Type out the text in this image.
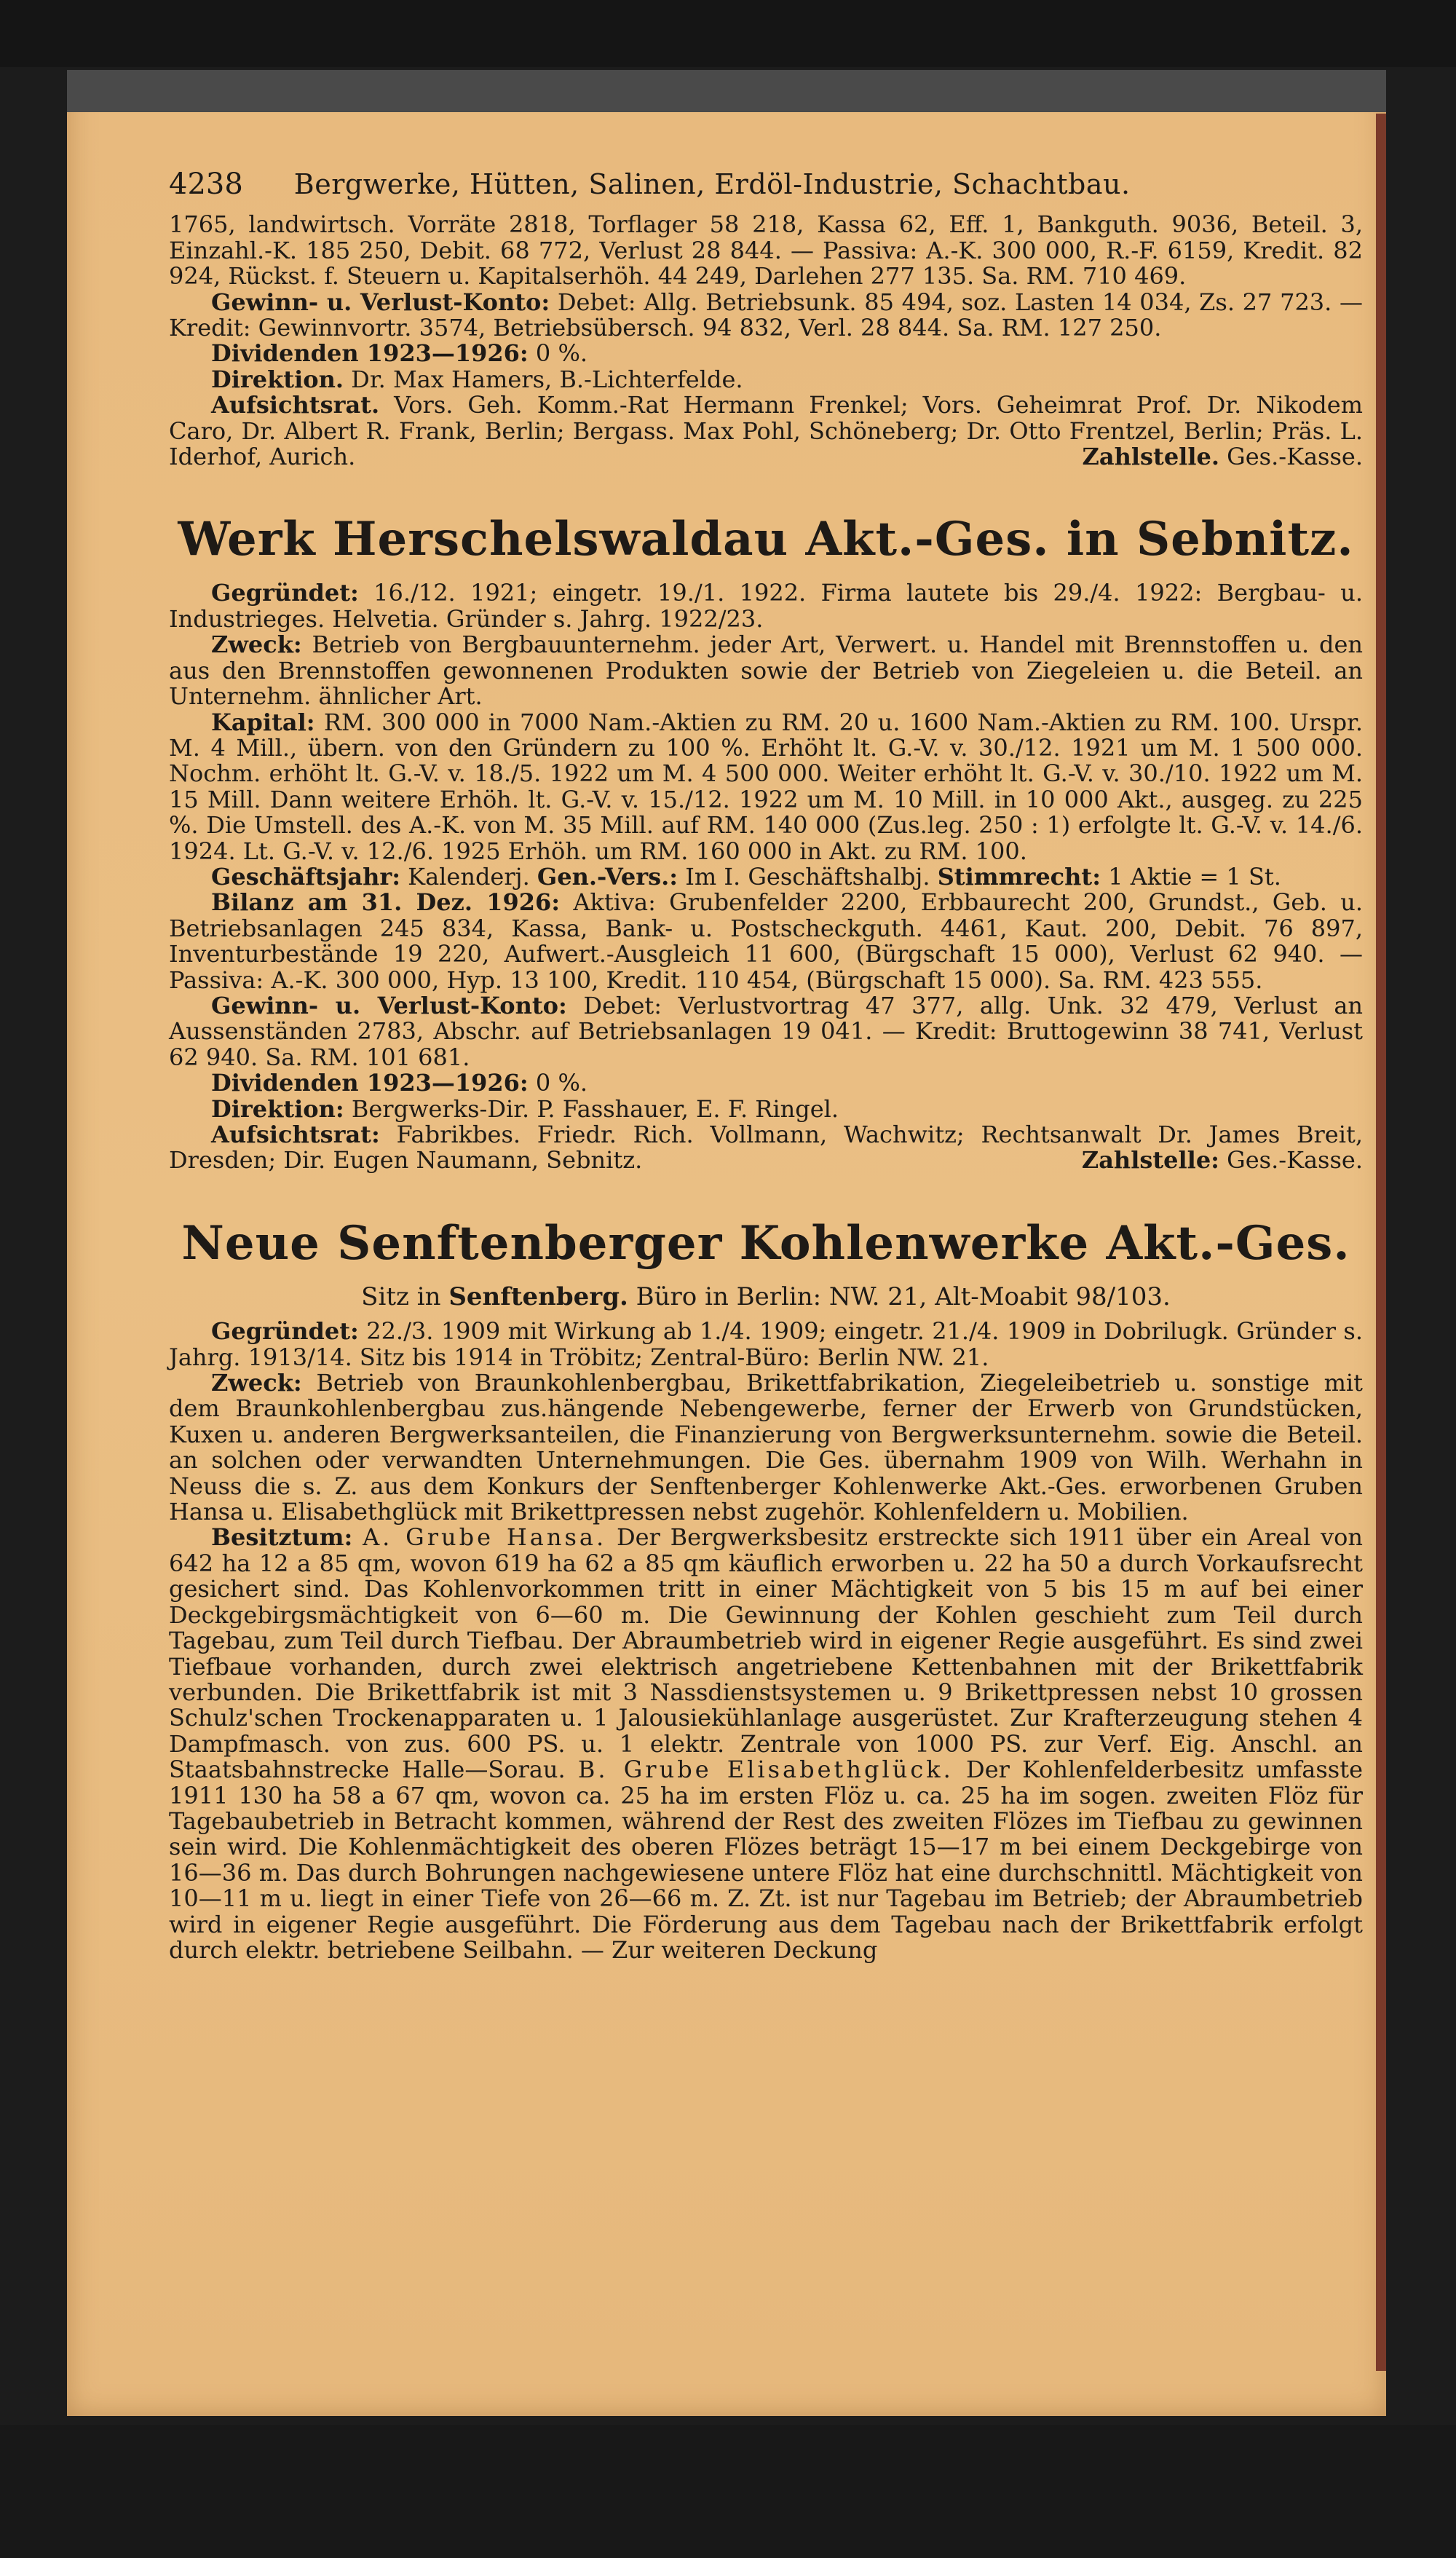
4238 Bergwerke, Hütten, Salinen, Erdöl-Industrie, Schachtbau.

1765, landwirtsch. Vorräte 2818, Torflager 58 218, Kassa 62, Eff. 1, Bankguth. 9036, Beteil. 3, Einzahl.-K. 185 250, Debit. 68 772, Verlust 28 844. — Passiva: A.-K. 300 000, R.-F. 6159, Kredit. 82 924, Rückst. f. Steuern u. Kapitalserhöh. 44 249, Darlehen 277 135. Sa. RM. 710 469.

Gewinn- u. Verlust-Konto: Debet: Allg. Betriebsunk. 85 494, soz. Lasten 14 034, Zs. 27 723. — Kredit: Gewinnvortr. 3574, Betriebsübersch. 94 832, Verl. 28 844. Sa. RM. 127 250.

Dividenden 1923—1926: 0 %.

Direktion. Dr. Max Hamers, B.-Lichterfelde.

Aufsichtsrat. Vors. Geh. Komm.-Rat Hermann Frenkel; Vors. Geheimrat Prof. Dr. Nikodem Caro, Dr. Albert R. Frank, Berlin; Bergass. Max Pohl, Schöneberg; Dr. Otto Frentzel, Berlin; Präs. L. Iderhof, Aurich.	Zahlstelle. Ges.-Kasse.

Werk Herschelswaldau Akt.-Ges. in Sebnitz.

Gegründet: 16./12. 1921; eingetr. 19./1. 1922. Firma lautete bis 29./4. 1922: Bergbau- u. Industrieges. Helvetia. Gründer s. Jahrg. 1922/23.

Zweck: Betrieb von Bergbauunternehm. jeder Art, Verwert. u. Handel mit Brennstoffen u. den aus den Brennstoffen gewonnenen Produkten sowie der Betrieb von Ziegeleien u. die Beteil. an Unternehm. ähnlicher Art.

Kapital: RM. 300 000 in 7000 Nam.-Aktien zu RM. 20 u. 1600 Nam.-Aktien zu RM. 100. Urspr. M. 4 Mill., übern. von den Gründern zu 100 %. Erhöht lt. G.-V. v. 30./12. 1921 um M. 1 500 000. Nochm. erhöht lt. G.-V. v. 18./5. 1922 um M. 4 500 000. Weiter erhöht lt. G.-V. v. 30./10. 1922 um M. 15 Mill. Dann weitere Erhöh. lt. G.-V. v. 15./12. 1922 um M. 10 Mill. in 10 000 Akt., ausgeg. zu 225 %. Die Umstell. des A.-K. von M. 35 Mill. auf RM. 140 000 (Zus.leg. 250 : 1) erfolgte lt. G.-V. v. 14./6. 1924. Lt. G.-V. v. 12./6. 1925 Erhöh. um RM. 160 000 in Akt. zu RM. 100.

Geschäftsjahr: Kalenderj. Gen.-Vers.: Im I. Geschäftshalbj. Stimmrecht: 1 Aktie = 1 St.

Bilanz am 31. Dez. 1926: Aktiva: Grubenfelder 2200, Erbbaurecht 200, Grundst., Geb. u. Betriebsanlagen 245 834, Kassa, Bank- u. Postscheckguth. 4461, Kaut. 200, Debit. 76 897, Inventurbestände 19 220, Aufwert.-Ausgleich 11 600, (Bürgschaft 15 000), Verlust 62 940. — Passiva: A.-K. 300 000, Hyp. 13 100, Kredit. 110 454, (Bürgschaft 15 000). Sa. RM. 423 555.

Gewinn- u. Verlust-Konto: Debet: Verlustvortrag 47 377, allg. Unk. 32 479, Verlust an Aussenständen 2783, Abschr. auf Betriebsanlagen 19 041. — Kredit: Bruttogewinn 38 741, Verlust 62 940. Sa. RM. 101 681.

Dividenden 1923—1926: 0 %.

Direktion: Bergwerks-Dir. P. Fasshauer, E. F. Ringel.

Aufsichtsrat: Fabrikbes. Friedr. Rich. Vollmann, Wachwitz; Rechtsanwalt Dr. James Breit, Dresden; Dir. Eugen Naumann, Sebnitz.	Zahlstelle: Ges.-Kasse.

Neue Senftenberger Kohlenwerke Akt.-Ges.
Sitz in Senftenberg. Büro in Berlin: NW. 21, Alt-Moabit 98/103.

Gegründet: 22./3. 1909 mit Wirkung ab 1./4. 1909; eingetr. 21./4. 1909 in Dobrilugk. Gründer s. Jahrg. 1913/14. Sitz bis 1914 in Tröbitz; Zentral-Büro: Berlin NW. 21.

Zweck: Betrieb von Braunkohlenbergbau, Brikettfabrikation, Ziegeleibetrieb u. sonstige mit dem Braunkohlenbergbau zus.hängende Nebengewerbe, ferner der Erwerb von Grundstücken, Kuxen u. anderen Bergwerksanteilen, die Finanzierung von Bergwerksunternehm. sowie die Beteil. an solchen oder verwandten Unternehmungen. Die Ges. übernahm 1909 von Wilh. Werhahn in Neuss die s. Z. aus dem Konkurs der Senftenberger Kohlenwerke Akt.-Ges. erworbenen Gruben Hansa u. Elisabethglück mit Brikettpressen nebst zugehör. Kohlenfeldern u. Mobilien.

Besitztum: A. Grube Hansa. Der Bergwerksbesitz erstreckte sich 1911 über ein Areal von 642 ha 12 a 85 qm, wovon 619 ha 62 a 85 qm käuflich erworben u. 22 ha 50 a durch Vorkaufsrecht gesichert sind. Das Kohlenvorkommen tritt in einer Mächtigkeit von 5 bis 15 m auf bei einer Deckgebirgsmächtigkeit von 6—60 m. Die Gewinnung der Kohlen geschieht zum Teil durch Tagebau, zum Teil durch Tiefbau. Der Abraumbetrieb wird in eigener Regie ausgeführt. Es sind zwei Tiefbaue vorhanden, durch zwei elektrisch angetriebene Kettenbahnen mit der Brikettfabrik verbunden. Die Brikettfabrik ist mit 3 Nassdienstsystemen u. 9 Brikettpressen nebst 10 grossen Schulz'schen Trockenapparaten u. 1 Jalousiekühlanlage ausgerüstet. Zur Krafterzeugung stehen 4 Dampfmasch. von zus. 600 PS. u. 1 elektr. Zentrale von 1000 PS. zur Verf. Eig. Anschl. an Staatsbahnstrecke Halle—Sorau. B. Grube Elisabethglück. Der Kohlenfelderbesitz umfasste 1911 130 ha 58 a 67 qm, wovon ca. 25 ha im ersten Flöz u. ca. 25 ha im sogen. zweiten Flöz für Tagebaubetrieb in Betracht kommen, während der Rest des zweiten Flözes im Tiefbau zu gewinnen sein wird. Die Kohlenmächtigkeit des oberen Flözes beträgt 15—17 m bei einem Deckgebirge von 16—36 m. Das durch Bohrungen nachgewiesene untere Flöz hat eine durchschnittl. Mächtigkeit von 10—11 m u. liegt in einer Tiefe von 26—66 m. Z. Zt. ist nur Tagebau im Betrieb; der Abraumbetrieb wird in eigener Regie ausgeführt. Die Förderung aus dem Tagebau nach der Brikettfabrik erfolgt durch elektr. betriebene Seilbahn. — Zur weiteren Deckung
